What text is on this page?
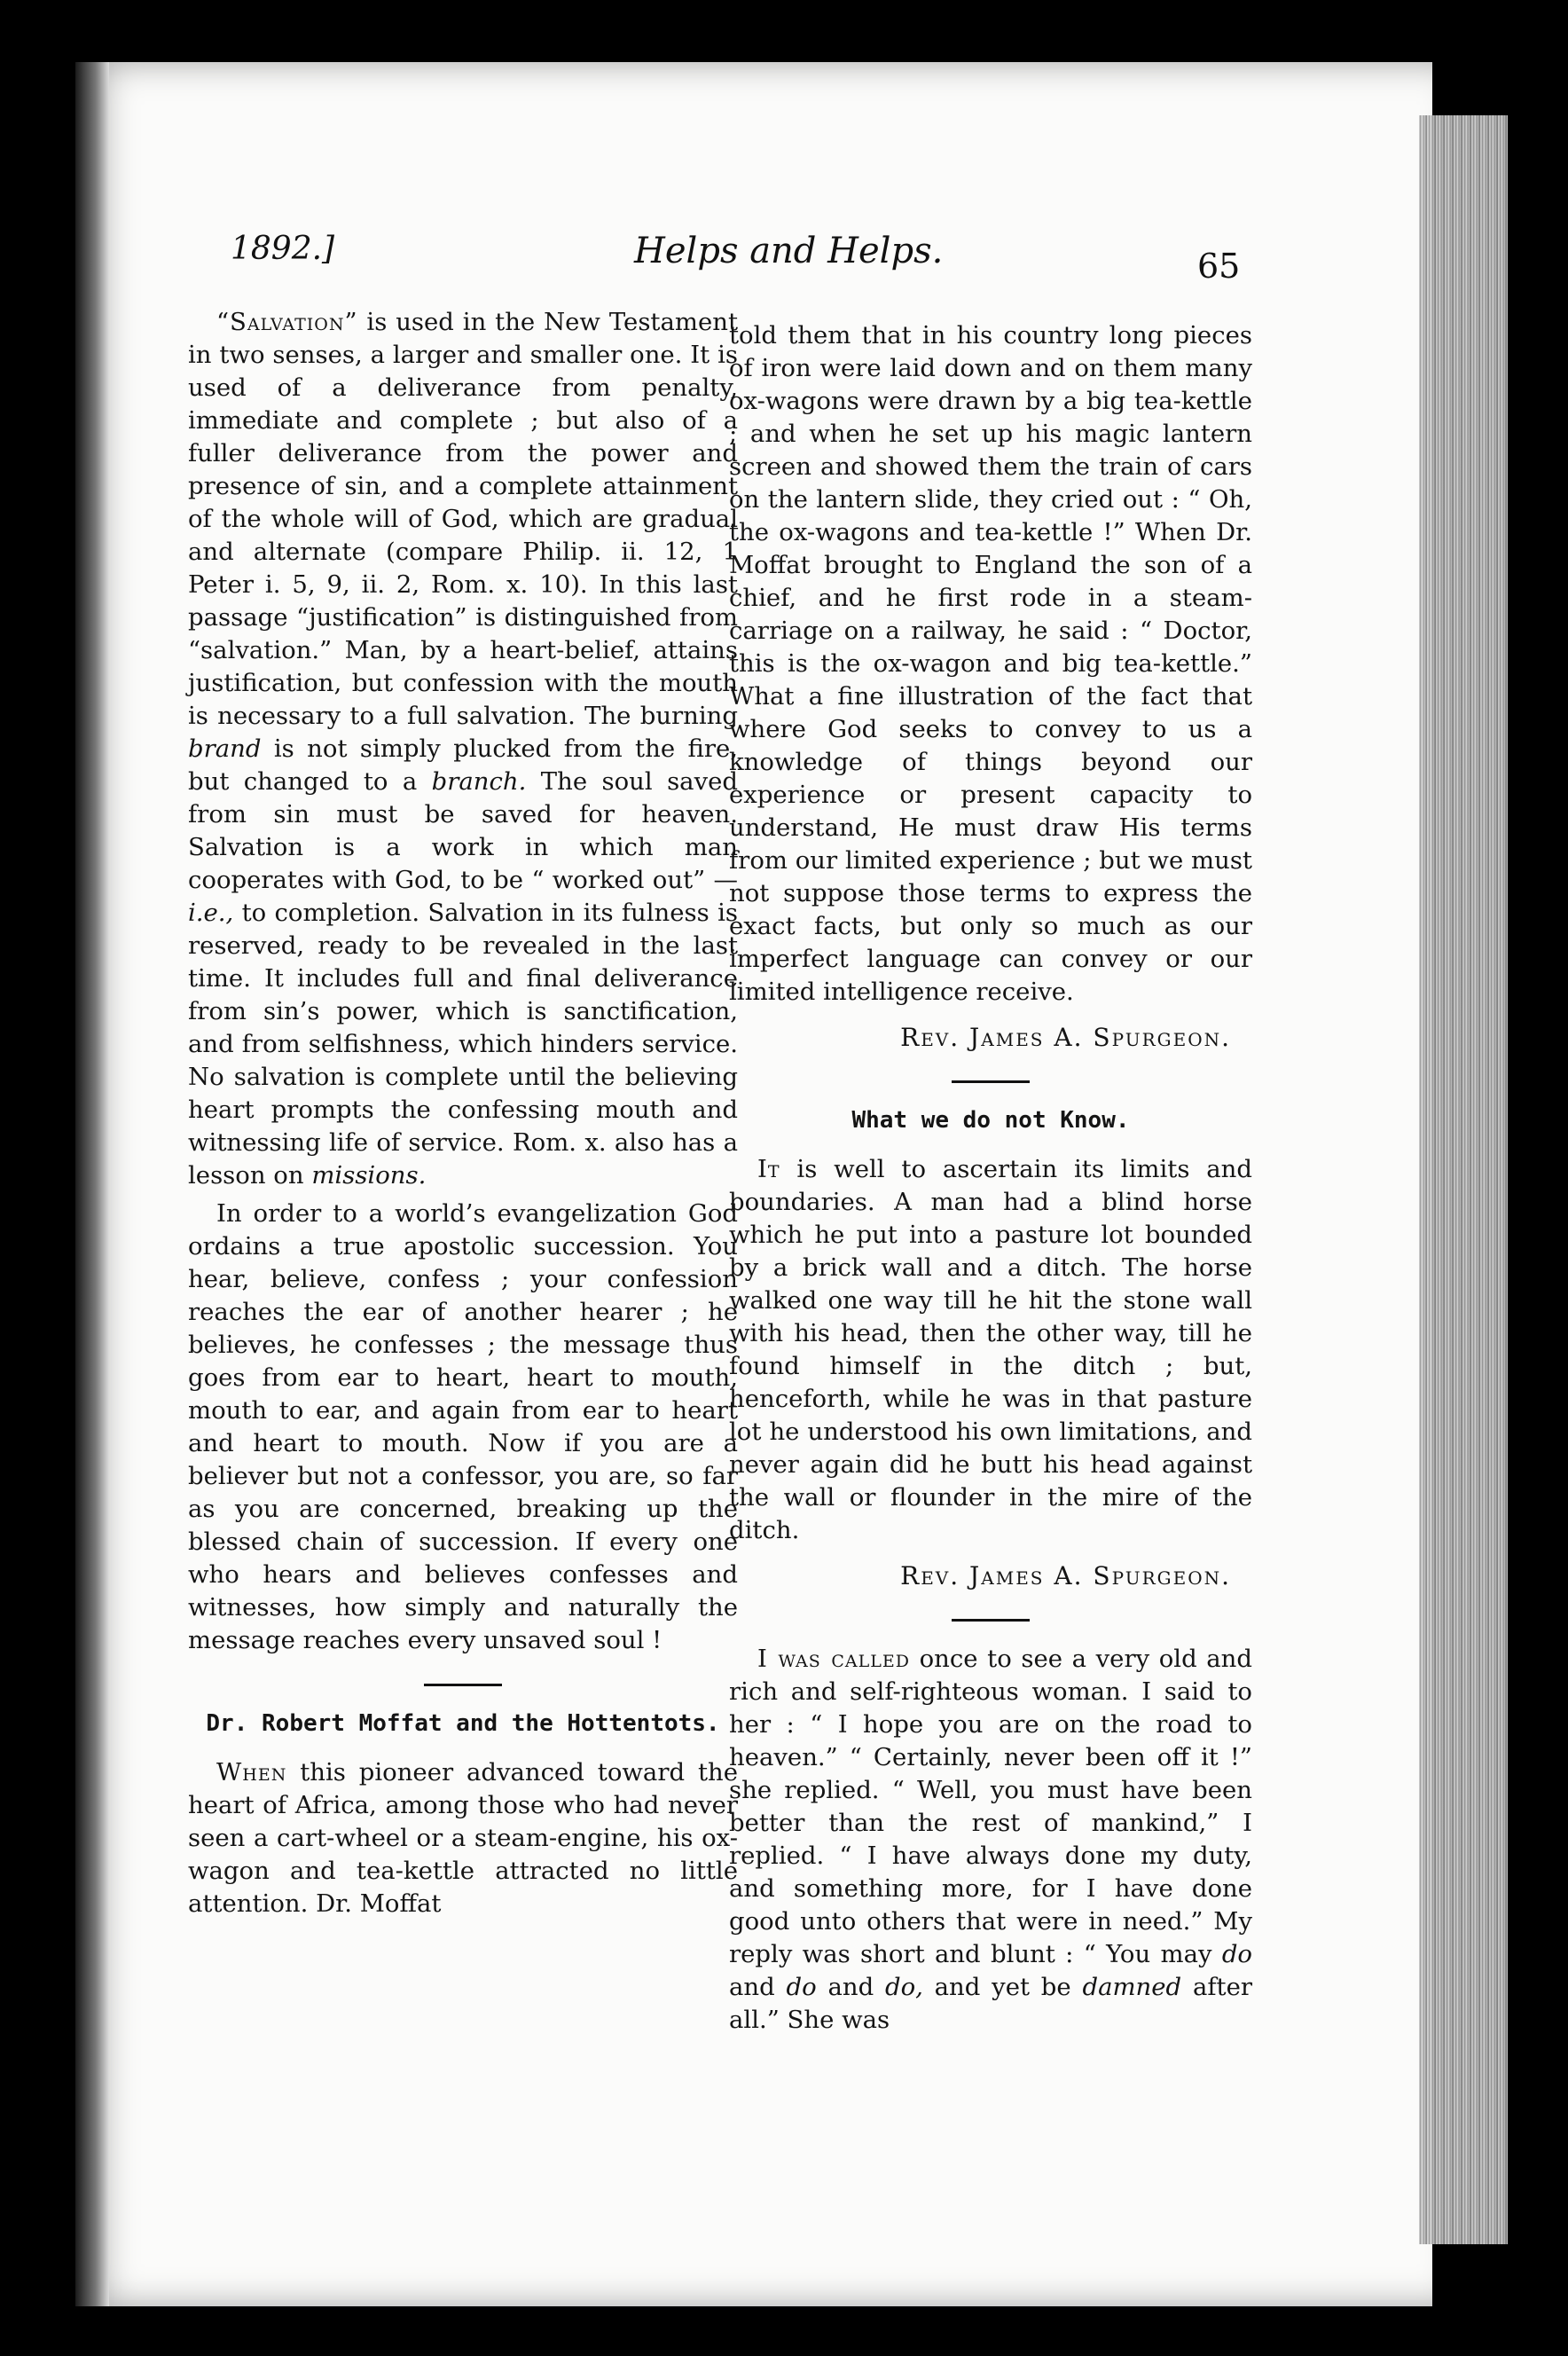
1892.]	Helps and Helps.	65

“Salvation” is used in the New Testament in two senses, a larger and smaller one. It is used of a deliverance from penalty, immediate and complete ; but also of a fuller deliverance from the power and presence of sin, and a complete attainment of the whole will of God, which are gradual and alternate (compare Philip. ii. 12, 1 Peter i. 5, 9, ii. 2, Rom. x. 10). In this last passage “justification” is distinguished from “salvation.” Man, by a heart-belief, attains justification, but confession with the mouth is necessary to a full salvation. The burning brand is not simply plucked from the fire, but changed to a branch. The soul saved from sin must be saved for heaven. Salvation is a work in which man cooperates with God, to be “ worked out” —i.e., to completion. Salvation in its fulness is reserved, ready to be revealed in the last time. It includes full and final deliverance from sin’s power, which is sanctification, and from selfishness, which hinders service. No salvation is complete until the believing heart prompts the confessing mouth and witnessing life of service. Rom. x. also has a lesson on missions.

In order to a world’s evangelization God ordains a true apostolic succession. You hear, believe, confess ; your confession reaches the ear of another hearer ; he believes, he confesses ; the message thus goes from ear to heart, heart to mouth, mouth to ear, and again from ear to heart and heart to mouth. Now if you are a believer but not a confessor, you are, so far as you are concerned, breaking up the blessed chain of succession. If every one who hears and believes confesses and witnesses, how simply and naturally the message reaches every unsaved soul !

Dr. Robert Moffat and the Hottentots.

When this pioneer advanced toward the heart of Africa, among those who had never seen a cart-wheel or a steam-engine, his ox-wagon and tea-kettle attracted no little attention. Dr. Moffat

told them that in his country long pieces of iron were laid down and on them many ox-wagons were drawn by a big tea-kettle ; and when he set up his magic lantern screen and showed them the train of cars on the lantern slide, they cried out : “ Oh, the ox-wagons and tea-kettle !” When Dr. Moffat brought to England the son of a chief, and he first rode in a steam-carriage on a railway, he said : “ Doctor, this is the ox-wagon and big tea-kettle.” What a fine illustration of the fact that where God seeks to convey to us a knowledge of things beyond our experience or present capacity to understand, He must draw His terms from our limited experience ; but we must not suppose those terms to express the exact facts, but only so much as our imperfect language can convey or our limited intelligence receive.

Rev. James A. Spurgeon.
What we do not Know.

It is well to ascertain its limits and boundaries. A man had a blind horse which he put into a pasture lot bounded by a brick wall and a ditch. The horse walked one way till he hit the stone wall with his head, then the other way, till he found himself in the ditch ; but, henceforth, while he was in that pasture lot he understood his own limitations, and never again did he butt his head against the wall or flounder in the mire of the ditch.

Rev. James A. Spurgeon.

I was called once to see a very old and rich and self-righteous woman. I said to her : “ I hope you are on the road to heaven.” “ Certainly, never been off it !” she replied. “ Well, you must have been better than the rest of mankind,” I replied. “ I have always done my duty, and something more, for I have done good unto others that were in need.” My reply was short and blunt : “ You may do and do and do, and yet be damned after all.” She was
